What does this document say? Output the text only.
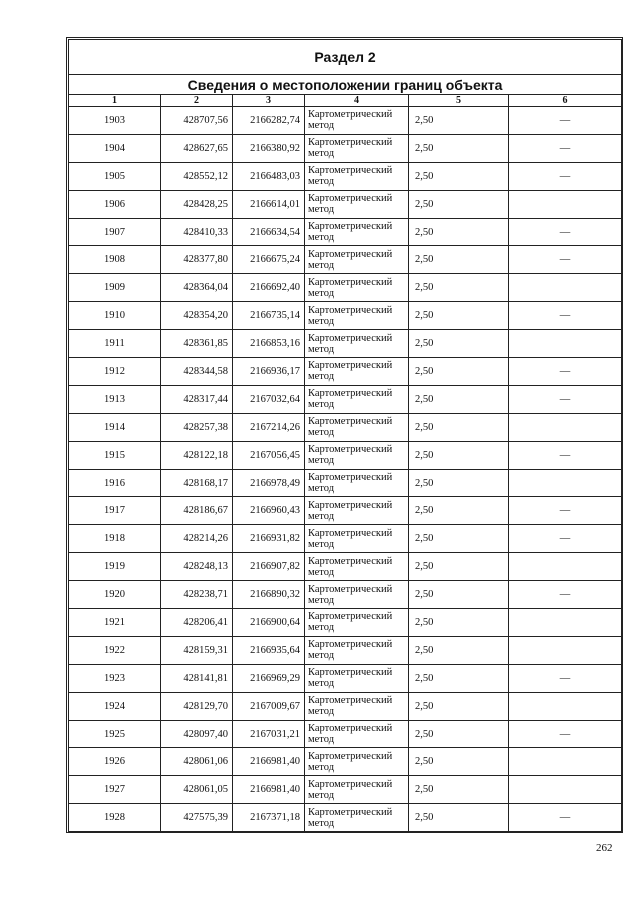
Раздел 2					
Сведения о местоположении границ объекта					
1	2	3	4	5	6
1903	428707,56	2166282,74	Картометрический метод	2,50	—
1904	428627,65	2166380,92	Картометрический метод	2,50	—
1905	428552,12	2166483,03	Картометрический метод	2,50	—
1906	428428,25	2166614,01	Картометрический метод	2,50	
1907	428410,33	2166634,54	Картометрический метод	2,50	—
1908	428377,80	2166675,24	Картометрический метод	2,50	—
1909	428364,04	2166692,40	Картометрический метод	2,50	
1910	428354,20	2166735,14	Картометрический метод	2,50	—
1911	428361,85	2166853,16	Картометрический метод	2,50	
1912	428344,58	2166936,17	Картометрический метод	2,50	—
1913	428317,44	2167032,64	Картометрический метод	2,50	—
1914	428257,38	2167214,26	Картометрический метод	2,50	
1915	428122,18	2167056,45	Картометрический метод	2,50	—
1916	428168,17	2166978,49	Картометрический метод	2,50	
1917	428186,67	2166960,43	Картометрический метод	2,50	—
1918	428214,26	2166931,82	Картометрический метод	2,50	—
1919	428248,13	2166907,82	Картометрический метод	2,50	
1920	428238,71	2166890,32	Картометрический метод	2,50	—
1921	428206,41	2166900,64	Картометрический метод	2,50	
1922	428159,31	2166935,64	Картометрический метод	2,50	
1923	428141,81	2166969,29	Картометрический метод	2,50	—
1924	428129,70	2167009,67	Картометрический метод	2,50	
1925	428097,40	2167031,21	Картометрический метод	2,50	—
1926	428061,06	2166981,40	Картометрический метод	2,50	
1927	428061,05	2166981,40	Картометрический метод	2,50	
1928	427575,39	2167371,18	Картометрический метод	2,50	—
262
